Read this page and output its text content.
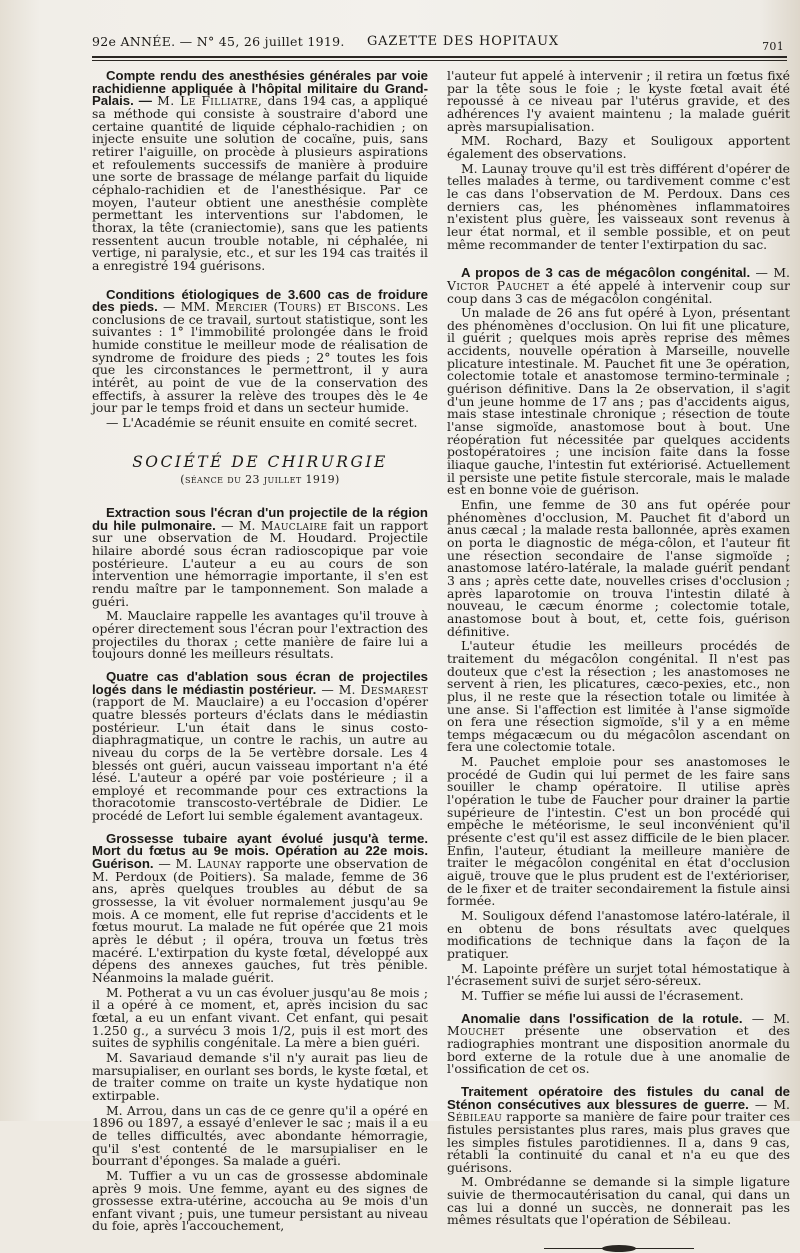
92e ANNÉE. — N° 45, 26 juillet 1919. GAZETTE DES HOPITAUX	701

Compte rendu des anesthésies générales par voie rachidienne appliquée à l'hôpital militaire du Grand-Palais. — M. Le Filliatre, dans 194 cas, a appliqué sa méthode qui consiste à soustraire d'abord une certaine quantité de liquide céphalo-rachidien ; on injecte ensuite une solution de cocaïne, puis, sans retirer l'aiguille, on procède à plusieurs aspirations et refoulements successifs de manière à produire une sorte de brassage de mélange parfait du liquide céphalo-rachidien et de l'anesthésique. Par ce moyen, l'auteur obtient une anesthésie complète permettant les interventions sur l'abdomen, le thorax, la tête (craniectomie), sans que les patients ressentent aucun trouble notable, ni céphalée, ni vertige, ni paralysie, etc., et sur les 194 cas traités il a enregistré 194 guérisons.

Conditions étiologiques de 3.600 cas de froidure des pieds. — MM. Mercier (Tours) et Biscons. Les conclusions de ce travail, surtout statistique, sont les suivantes : 1° l'immobilité prolongée dans le froid humide constitue le meilleur mode de réalisation de syndrome de froidure des pieds ; 2° toutes les fois que les circonstances le permettront, il y aura intérêt, au point de vue de la conservation des effectifs, à assurer la relève des troupes dès le 4e jour par le temps froid et dans un secteur humide.

— L'Académie se réunit ensuite en comité secret.

SOCIÉTÉ DE CHIRURGIE
(séance du 23 juillet 1919)

Extraction sous l'écran d'un projectile de la région du hile pulmonaire. — M. Mauclaire fait un rapport sur une observation de M. Houdard. Projectile hilaire abordé sous écran radioscopique par voie postérieure. L'auteur a eu au cours de son intervention une hémorragie importante, il s'en est rendu maître par le tamponnement. Son malade a guéri.

M. Mauclaire rappelle les avantages qu'il trouve à opérer directement sous l'écran pour l'extraction des projectiles du thorax ; cette manière de faire lui a toujours donné les meilleurs résultats.

Quatre cas d'ablation sous écran de projectiles logés dans le médiastin postérieur. — M. Desmarest (rapport de M. Mauclaire) a eu l'occasion d'opérer quatre blessés porteurs d'éclats dans le médiastin postérieur. L'un était dans le sinus costo-diaphragmatique, un contre le rachis, un autre au niveau du corps de la 5e vertèbre dorsale. Les 4 blessés ont guéri, aucun vaisseau important n'a été lésé. L'auteur a opéré par voie postérieure ; il a employé et recommande pour ces extractions la thoracotomie transcosto-vertébrale de Didier. Le procédé de Lefort lui semble également avantageux.

Grossesse tubaire ayant évolué jusqu'à terme. Mort du fœtus au 9e mois. Opération au 22e mois. Guérison. — M. Launay rapporte une observation de M. Perdoux (de Poitiers). Sa malade, femme de 36 ans, après quelques troubles au début de sa grossesse, la vit évoluer normalement jusqu'au 9e mois. A ce moment, elle fut reprise d'accidents et le fœtus mourut. La malade ne fut opérée que 21 mois après le début ; il opéra, trouva un fœtus très macéré. L'extirpation du kyste fœtal, développé aux dépens des annexes gauches, fut très pénible. Néanmoins la malade guérit.

M. Potherat a vu un cas évoluer jusqu'au 8e mois ; il a opéré à ce moment, et, après incision du sac fœtal, a eu un enfant vivant. Cet enfant, qui pesait 1.250 g., a survécu 3 mois 1/2, puis il est mort des suites de syphilis congénitale. La mère a bien guéri.

M. Savariaud demande s'il n'y aurait pas lieu de marsupialiser, en ourlant ses bords, le kyste fœtal, et de traiter comme on traite un kyste hydatique non extirpable.

M. Arrou, dans un cas de ce genre qu'il a opéré en 1896 ou 1897, a essayé d'enlever le sac ; mais il a eu de telles difficultés, avec abondante hémorragie, qu'il s'est contenté de le marsupialiser en le bourrant d'éponges. Sa malade a guéri.

M. Tuffier a vu un cas de grossesse abdominale après 9 mois. Une femme, ayant eu des signes de grossesse extra-utérine, accoucha au 9e mois d'un enfant vivant ; puis, une tumeur persistant au niveau du foie, après l'accouchement,

l'auteur fut appelé à intervenir ; il retira un fœtus fixé par la tête sous le foie ; le kyste fœtal avait été repoussé à ce niveau par l'utérus gravide, et des adhérences l'y avaient maintenu ; la malade guérit après marsupialisation.

MM. Rochard, Bazy et Souligoux apportent également des observations.

M. Launay trouve qu'il est très différent d'opérer de telles malades à terme, ou tardivement comme c'est le cas dans l'observation de M. Perdoux. Dans ces derniers cas, les phénomènes inflammatoires n'existent plus guère, les vaisseaux sont revenus à leur état normal, et il semble possible, et on peut même recommander de tenter l'extirpation du sac.

A propos de 3 cas de mégacôlon congénital. — M. Victor Pauchet a été appelé à intervenir coup sur coup dans 3 cas de mégacôlon congénital.

Un malade de 26 ans fut opéré à Lyon, présentant des phénomènes d'occlusion. On lui fit une plicature, il guérit ; quelques mois après reprise des mêmes accidents, nouvelle opération à Marseille, nouvelle plicature intestinale. M. Pauchet fit une 3e opération, colectomie totale et anastomose termino-terminale ; guérison définitive. Dans la 2e observation, il s'agit d'un jeune homme de 17 ans ; pas d'accidents aigus, mais stase intestinale chronique ; résection de toute l'anse sigmoïde, anastomose bout à bout. Une réopération fut nécessitée par quelques accidents postopératoires ; une incision faite dans la fosse iliaque gauche, l'intestin fut extériorisé. Actuellement il persiste une petite fistule stercorale, mais le malade est en bonne voie de guérison.

Enfin, une femme de 30 ans fut opérée pour phénomènes d'occlusion, M. Pauchet fit d'abord un anus cæcal ; la malade resta ballonnée, après examen on porta le diagnostic de méga-côlon, et l'auteur fit une résection secondaire de l'anse sigmoïde ; anastomose latéro-latérale, la malade guérit pendant 3 ans ; après cette date, nouvelles crises d'occlusion ; après laparotomie on trouva l'intestin dilaté à nouveau, le cæcum énorme ; colectomie totale, anastomose bout à bout, et, cette fois, guérison définitive.

L'auteur étudie les meilleurs procédés de traitement du mégacôlon congénital. Il n'est pas douteux que c'est la résection ; les anastomoses ne servent à rien, les plicatures, cæco-pexies, etc., non plus, il ne reste que la résection totale ou limitée à une anse. Si l'affection est limitée à l'anse sigmoïde on fera une résection sigmoïde, s'il y a en même temps mégacæcum ou du mégacôlon ascendant on fera une colectomie totale.

M. Pauchet emploie pour ses anastomoses le procédé de Gudin qui lui permet de les faire sans souiller le champ opératoire. Il utilise après l'opération le tube de Faucher pour drainer la partie supérieure de l'intestin. C'est un bon procédé qui empêche le météorisme, le seul inconvénient qu'il présente c'est qu'il est assez difficile de le bien placer. Enfin, l'auteur, étudiant la meilleure manière de traiter le mégacôlon congénital en état d'occlusion aiguë, trouve que le plus prudent est de l'extérioriser, de le fixer et de traiter secondairement la fistule ainsi formée.

M. Souligoux défend l'anastomose latéro-latérale, il en obtenu de bons résultats avec quelques modifications de technique dans la façon de la pratiquer.

M. Lapointe préfère un surjet total hémostatique à l'écrasement suivi de surjet séro-séreux.

M. Tuffier se méfie lui aussi de l'écrasement.

Anomalie dans l'ossification de la rotule. — M. Mouchet présente une observation et des radiographies montrant une disposition anormale du bord externe de la rotule due à une anomalie de l'ossification de cet os.

Traitement opératoire des fistules du canal de Sténon consécutives aux blessures de guerre. — M. Sébileau rapporte sa manière de faire pour traiter ces fistules persistantes plus rares, mais plus graves que les simples fistules parotidiennes. Il a, dans 9 cas, rétabli la continuité du canal et n'a eu que des guérisons.

M. Ombrédanne se demande si la simple ligature suivie de thermocautérisation du canal, qui dans un cas lui a donné un succès, ne donnerait pas les mêmes résultats que l'opération de Sébileau.
